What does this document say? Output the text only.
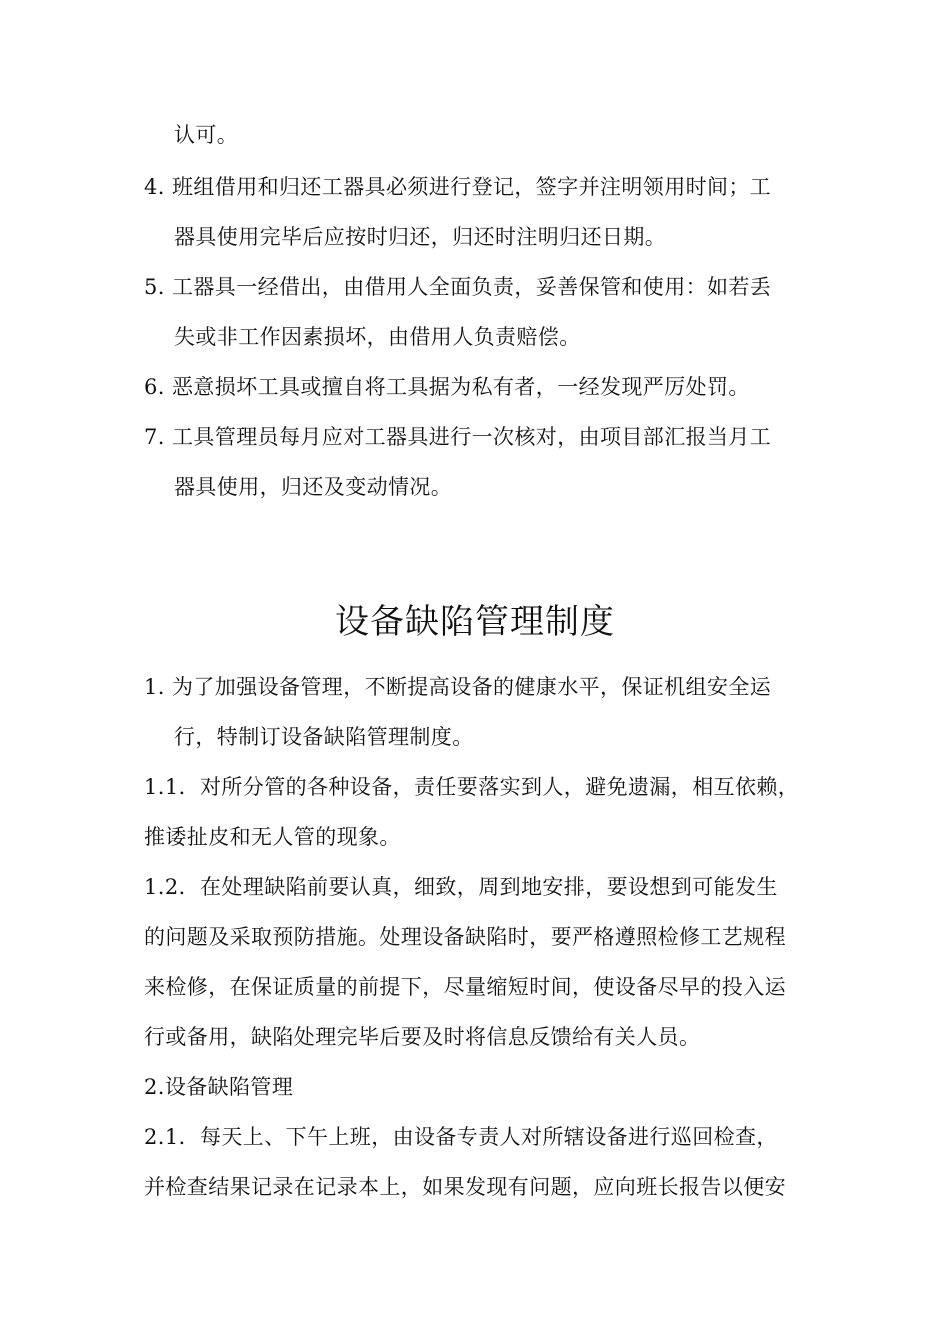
认可。
4. 班组借用和归还工器具必须进行登记，签字并注明领用时间；工
器具使用完毕后应按时归还，归还时注明归还日期。
5. 工器具一经借出，由借用人全面负责，妥善保管和使用：如若丢
失或非工作因素损坏，由借用人负责赔偿。
6. 恶意损坏工具或擅自将工具据为私有者，一经发现严厉处罚。
7. 工具管理员每月应对工器具进行一次核对，由项目部汇报当月工
器具使用，归还及变动情况。
设备缺陷管理制度
1. 为了加强设备管理，不断提高设备的健康水平，保证机组安全运
行，特制订设备缺陷管理制度。
1.1．对所分管的各种设备，责任要落实到人，避免遗漏，相互依赖，
推诿扯皮和无人管的现象。
1.2．在处理缺陷前要认真，细致，周到地安排，要设想到可能发生
的问题及采取预防措施。处理设备缺陷时，要严格遵照检修工艺规程
来检修，在保证质量的前提下，尽量缩短时间，使设备尽早的投入运
行或备用，缺陷处理完毕后要及时将信息反馈给有关人员。
2.设备缺陷管理
2.1．每天上、下午上班，由设备专责人对所辖设备进行巡回检查，
并检查结果记录在记录本上，如果发现有问题，应向班长报告以便安
